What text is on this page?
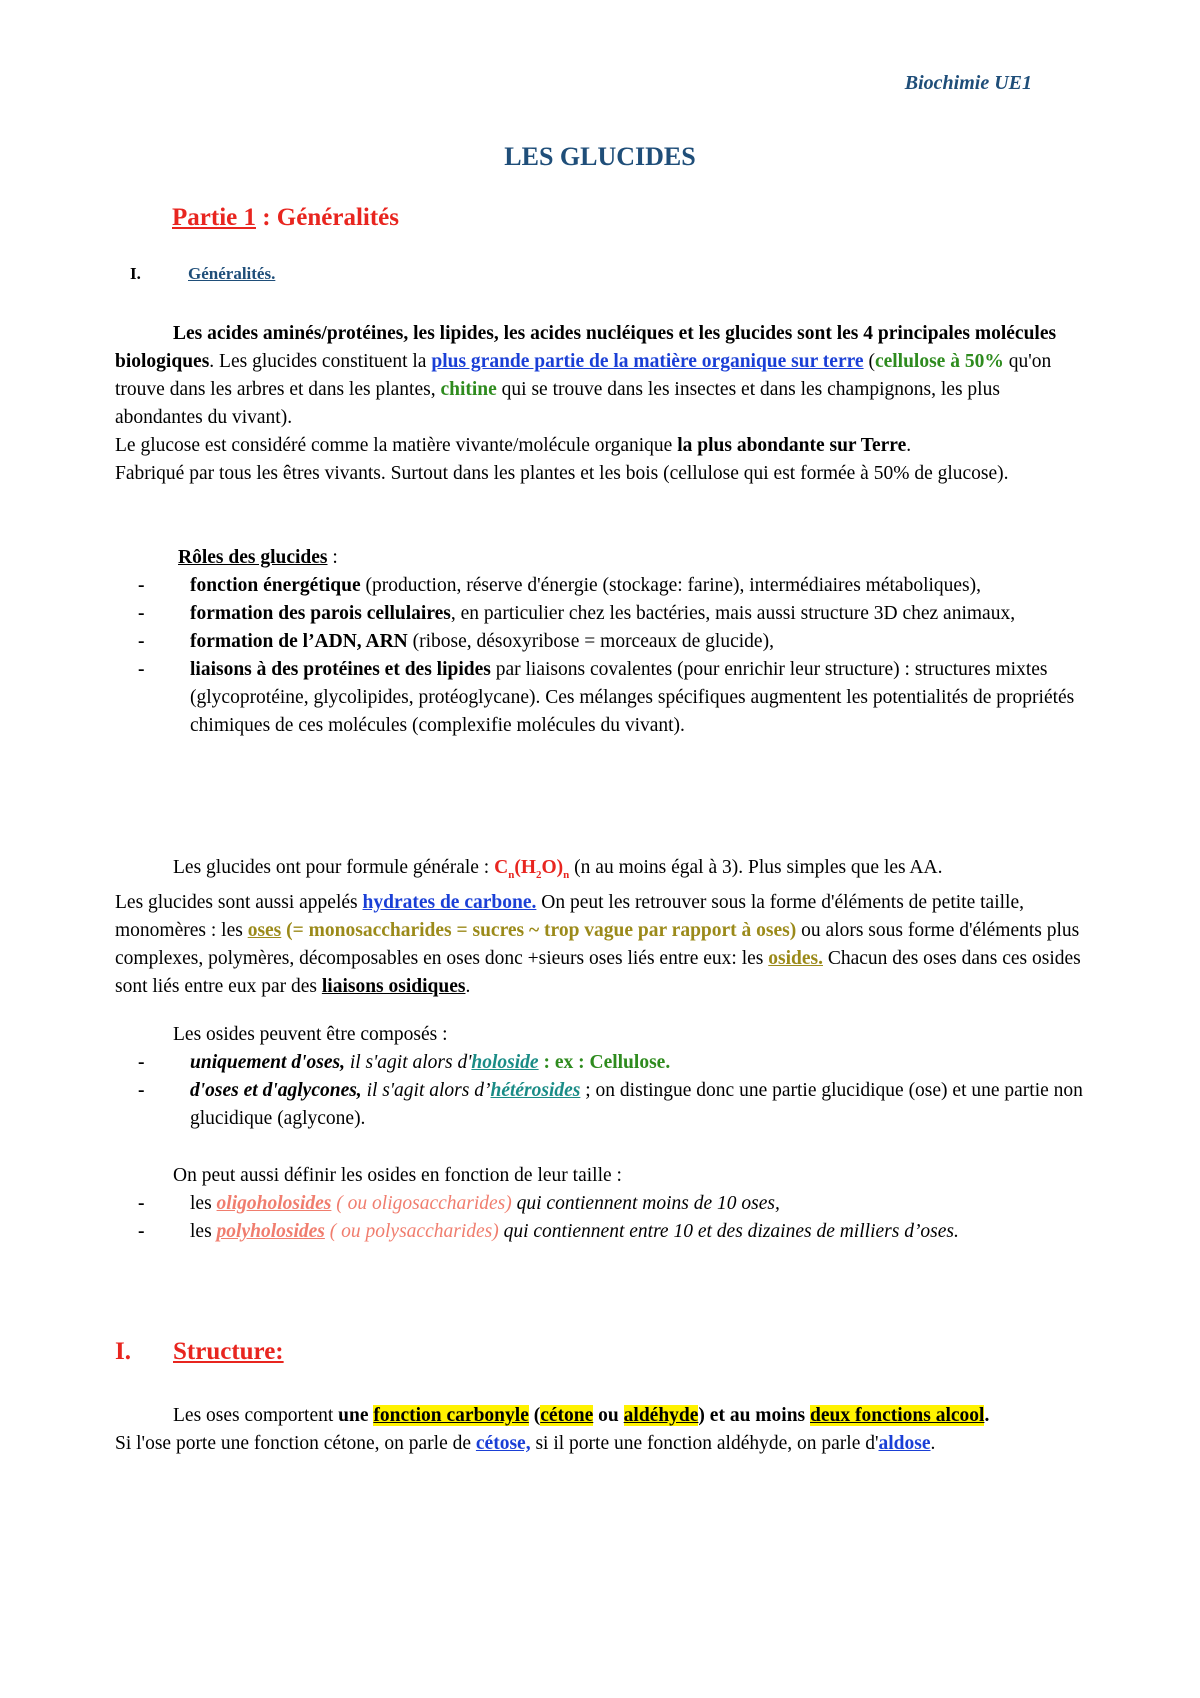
Biochimie UE1
LES GLUCIDES
Partie 1 : Généralités
I.	Généralités.

Les acides aminés/protéines, les lipides, les acides nucléiques et les glucides sont les 4 principales molécules biologiques. Les glucides constituent la plus grande partie de la matière organique sur terre (cellulose à 50% qu'on trouve dans les arbres et dans les plantes, chitine qui se trouve dans les insectes et dans les champignons, les plus abondantes du vivant).
Le glucose est considéré comme la matière vivante/molécule organique la plus abondante sur Terre.
Fabriqué par tous les êtres vivants. Surtout dans les plantes et les bois (cellulose qui est formée à 50% de glucose).

Rôles des glucides :
- fonction énergétique (production, réserve d'énergie (stockage: farine), intermédiaires métaboliques),
- formation des parois cellulaires, en particulier chez les bactéries, mais aussi structure 3D chez animaux,
- formation de l’ADN, ARN (ribose, désoxyribose = morceaux de glucide),
- liaisons à des protéines et des lipides par liaisons covalentes (pour enrichir leur structure) : structures mixtes (glycoprotéine, glycolipides, protéoglycane). Ces mélanges spécifiques augmentent les potentialités de propriétés chimiques de ces molécules (complexifie molécules du vivant).

Les glucides ont pour formule générale : $C_n(H_2O)_n$ (n au moins égal à 3). Plus simples que les AA.
Les glucides sont aussi appelés hydrates de carbone. On peut les retrouver sous la forme d'éléments de petite taille, monomères : les oses (= monosaccharides = sucres ~ trop vague par rapport à oses) ou alors sous forme d'éléments plus complexes, polymères, décomposables en oses donc +sieurs oses liés entre eux: les osides. Chacun des oses dans ces osides sont liés entre eux par des liaisons osidiques.

Les osides peuvent être composés :

- uniquement d'oses, il s'agit alors d'holoside : ex : Cellulose.
- d'oses et d'aglycones, il s'agit alors d’hétérosides ; on distingue donc une partie glucidique (ose) et une partie non glucidique (aglycone).

On peut aussi définir les osides en fonction de leur taille :

- les oligoholosides ( ou oligosaccharides) qui contiennent moins de 10 oses,
- les polyholosides ( ou polysaccharides) qui contiennent entre 10 et des dizaines de milliers d’oses.
I. Structure:

Les oses comportent une fonction carbonyle (cétone ou aldéhyde) et au moins deux fonctions alcool.
Si l'ose porte une fonction cétone, on parle de cétose, si il porte une fonction aldéhyde, on parle d'aldose.
